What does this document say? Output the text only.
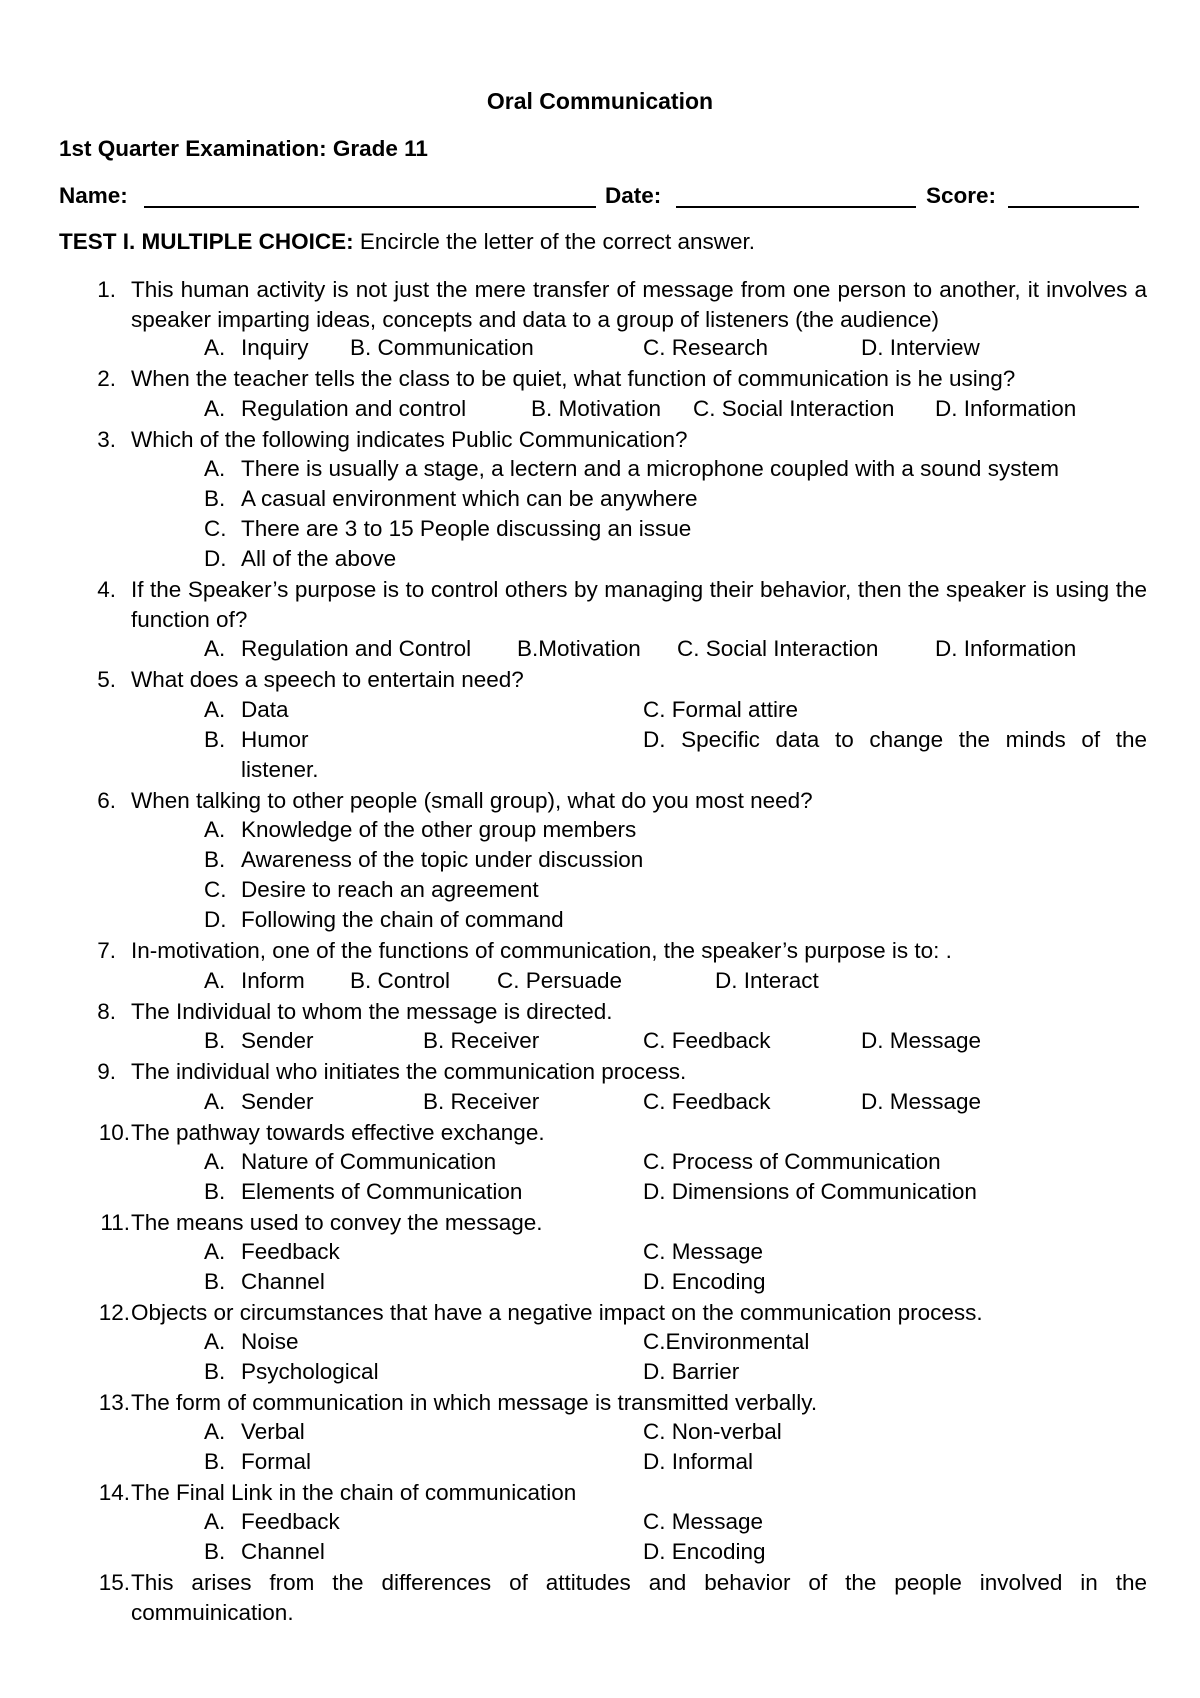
Oral Communication
1st Quarter Examination: Grade 11
Name:	Date:	Score:
TEST I. MULTIPLE CHOICE: Encircle the letter of the correct answer.
1. This human activity is not just the mere transfer of message from one person to another, it involves a speaker imparting ideas, concepts and data to a group of listeners (the audience)
A. Inquiry B. Communication	C. Research	D. Interview
2. When the teacher tells the class to be quiet, what function of communication is he using?
A. Regulation and control	B. Motivation C. Social Interaction D. Information
3. Which of the following indicates Public Communication?
A. There is usually a stage, a lectern and a microphone coupled with a sound system
B. A casual environment which can be anywhere
C. There are 3 to 15 People discussing an issue
D. All of the above
4. If the Speaker’s purpose is to control others by managing their behavior, then the speaker is using the function of?
A. Regulation and Control B.Motivation C. Social Interaction	D. Information
5. What does a speech to entertain need?
A. Data	C. Formal attire
B. Humor	D. Specific data to change the minds of the
listener.
6. When talking to other people (small group), what do you most need?
A. Knowledge of the other group members
B. Awareness of the topic under discussion
C. Desire to reach an agreement
D. Following the chain of command
7. In-motivation, one of the functions of communication, the speaker’s purpose is to: .
A. Inform B. Control C. Persuade	D. Interact
8. The Individual to whom the message is directed.
B. Sender	B. Receiver	C. Feedback	D. Message
9. The individual who initiates the communication process.
A. Sender	B. Receiver	C. Feedback	D. Message
10. The pathway towards effective exchange.
A. Nature of Communication	C. Process of Communication
B. Elements of Communication	D. Dimensions of Communication
11. The means used to convey the message.
A. Feedback	C. Message
B. Channel	D. Encoding
12. Objects or circumstances that have a negative impact on the communication process.
A. Noise	C.Environmental
B. Psychological	D. Barrier
13. The form of communication in which message is transmitted verbally.
A. Verbal	C. Non-verbal
B. Formal	D. Informal
14. The Final Link in the chain of communication
A. Feedback	C. Message
B. Channel	D. Encoding
15. This arises from the differences of attitudes and behavior of the people involved in the commuinication.
